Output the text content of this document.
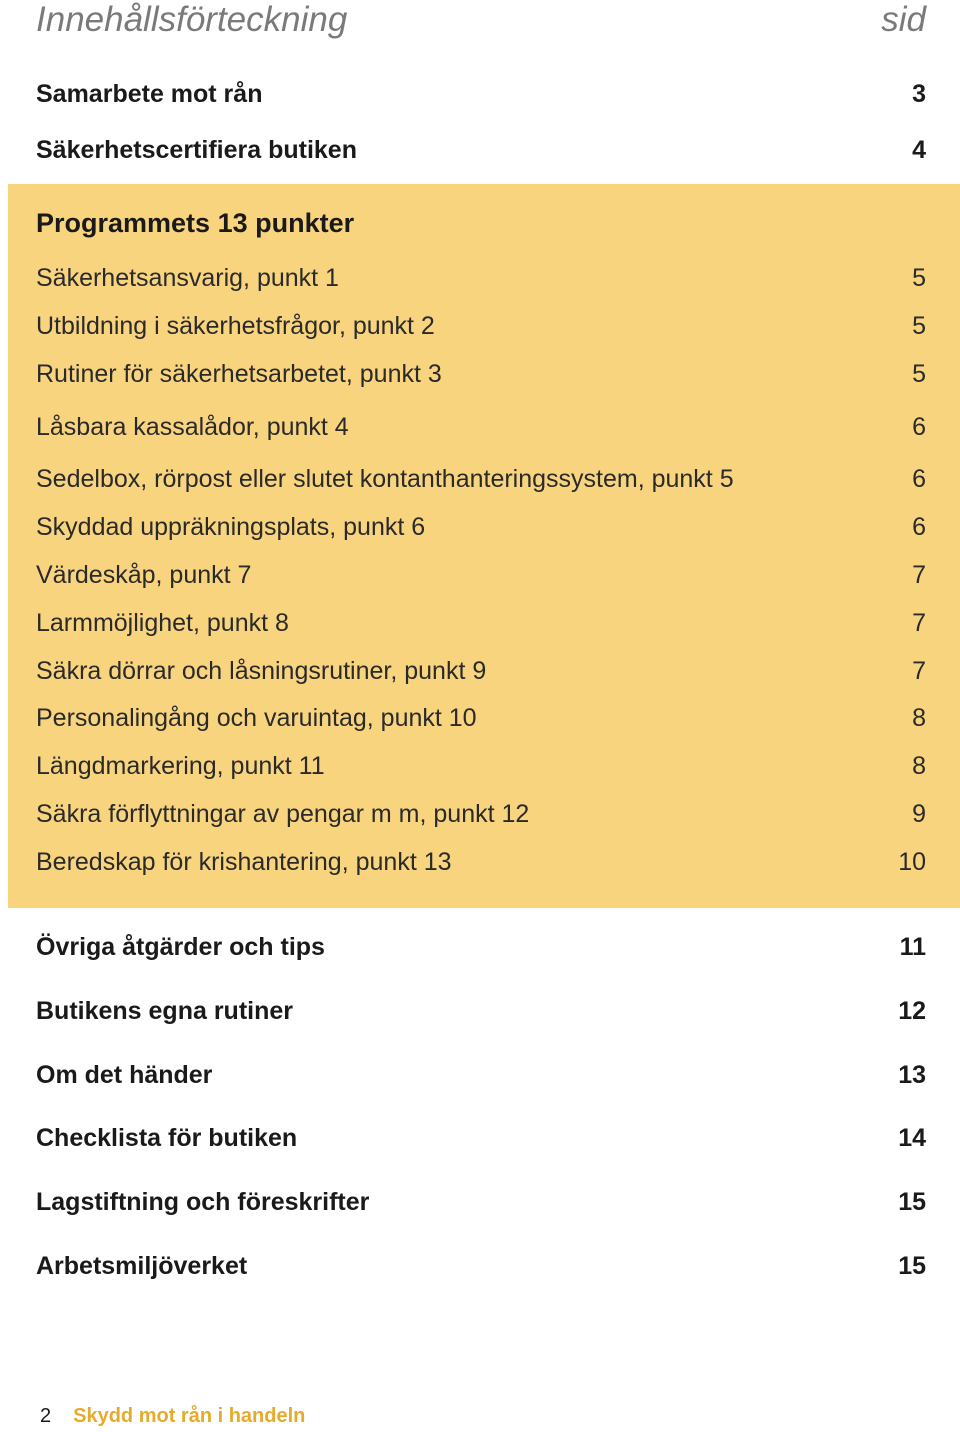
Innehållsförteckning	sid
Samarbete mot rån	3
Säkerhetscertifiera butiken	4
Programmets 13 punkter
Säkerhetsansvarig, punkt 1	5
Utbildning i säkerhetsfrågor, punkt 2	5
Rutiner för säkerhetsarbetet, punkt 3	5
Låsbara kassalådor, punkt 4	6
Sedelbox, rörpost eller slutet kontanthanteringssystem, punkt 5	6
Skyddad uppräkningsplats, punkt 6	6
Värdeskåp, punkt 7	7
Larmmöjlighet, punkt 8	7
Säkra dörrar och låsningsrutiner, punkt 9	7
Personalingång och varuintag, punkt 10	8
Längdmarkering, punkt 11	8
Säkra förflyttningar av pengar m m, punkt 12	9
Beredskap för krishantering, punkt 13	10
Övriga åtgärder och tips	11
Butikens egna rutiner	12
Om det händer	13
Checklista för butiken	14
Lagstiftning och föreskrifter	15
Arbetsmiljöverket	15
2 Skydd mot rån i handeln
